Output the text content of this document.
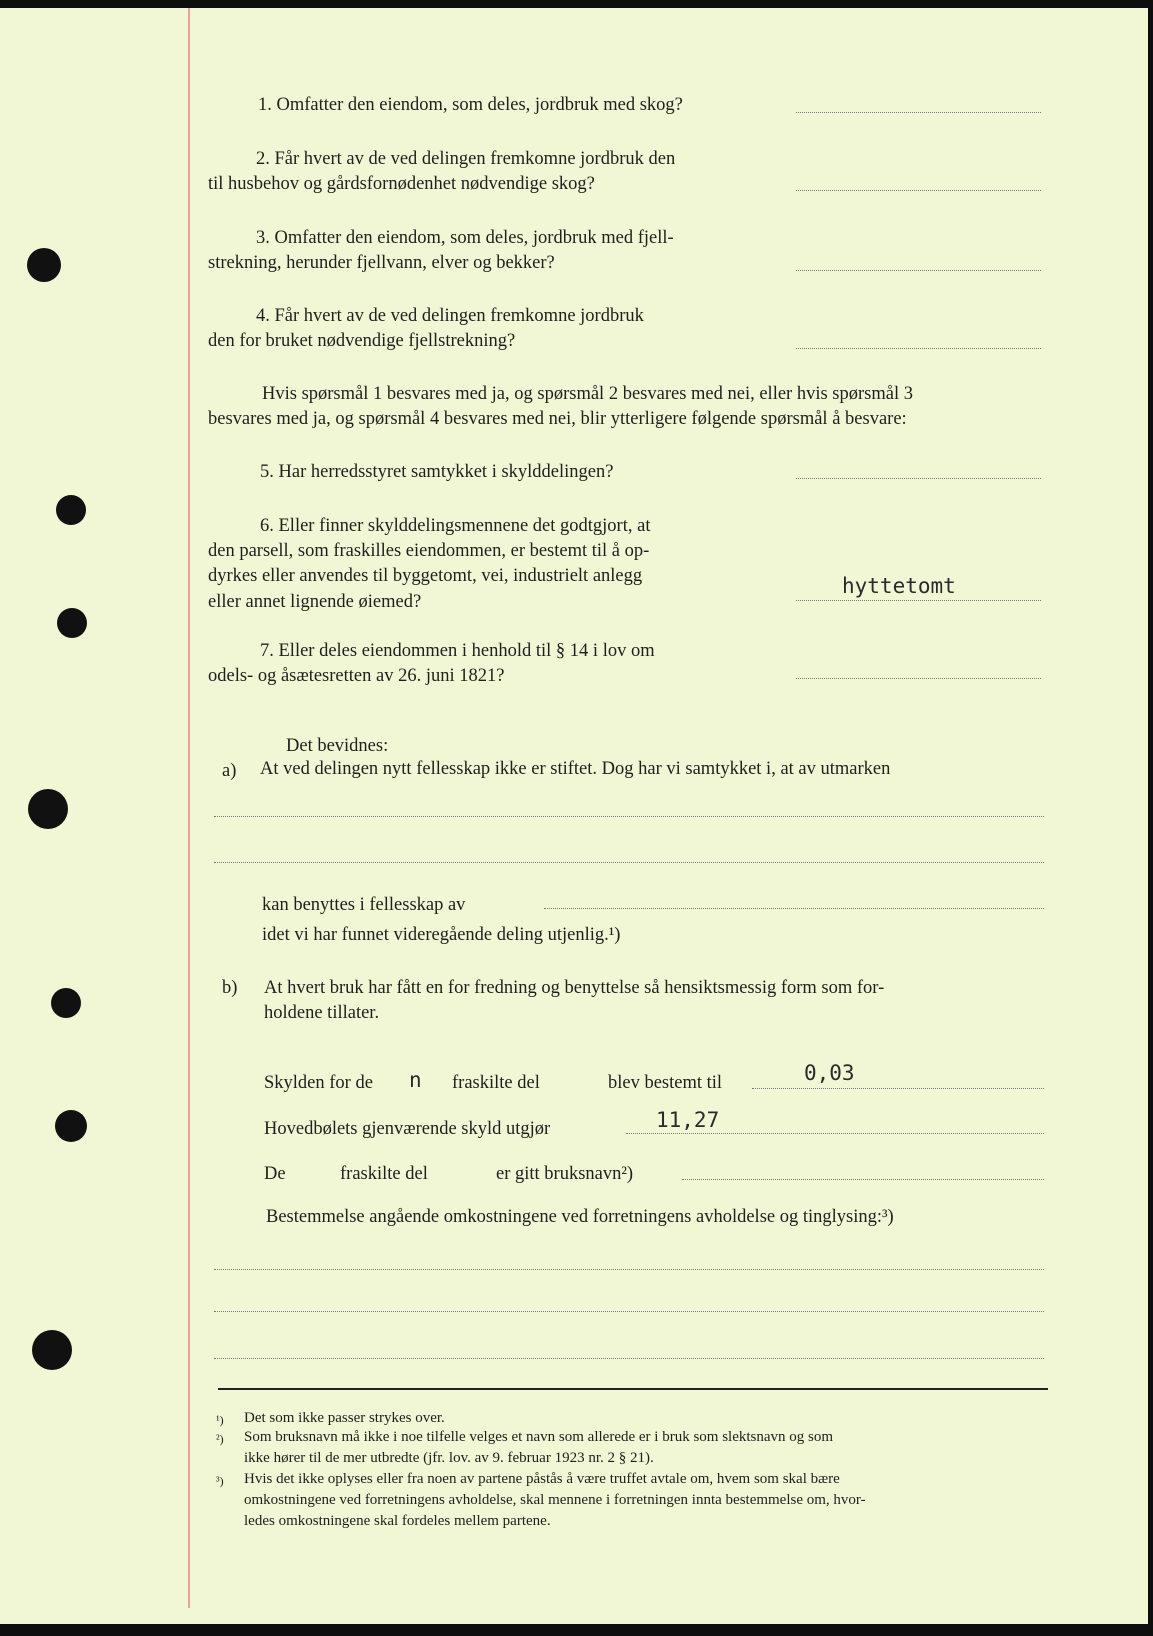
1. Omfatter den eiendom, som deles, jordbruk med skog?
2. Får hvert av de ved delingen fremkomne jordbruk den
til husbehov og gårdsfornødenhet nødvendige skog?
3. Omfatter den eiendom, som deles, jordbruk med fjell-
strekning, herunder fjellvann, elver og bekker?
4. Får hvert av de ved delingen fremkomne jordbruk
den for bruket nødvendige fjellstrekning?
Hvis spørsmål 1 besvares med ja, og spørsmål 2 besvares med nei, eller hvis spørsmål 3
besvares med ja, og spørsmål 4 besvares med nei, blir ytterligere følgende spørsmål å besvare:
5. Har herredsstyret samtykket i skylddelingen?
6. Eller finner skylddelingsmennene det godtgjort, at
den parsell, som fraskilles eiendommen, er bestemt til å op-
dyrkes eller anvendes til byggetomt, vei, industrielt anlegg
eller annet lignende øiemed?
hyttetomt
7. Eller deles eiendommen i henhold til § 14 i lov om
odels- og åsætesretten av 26. juni 1821?
Det bevidnes:
a) At ved delingen nytt fellesskap ikke er stiftet. Dog har vi samtykket i, at av utmarken
kan benyttes i fellesskap av
idet vi har funnet videregående deling utjenlig.¹)
b) At hvert bruk har fått en for fredning og benyttelse så hensiktsmessig form som for-
holdene tillater.
Skylden for de n fraskilte del	blev bestemt til	0,03
Hovedbølets gjenværende skyld utgjør	11,27
De	fraskilte del	er gitt bruksnavn²)
Bestemmelse angående omkostningene ved forretningens avholdelse og tinglysing:³)
¹) Det som ikke passer strykes over.
²) Som bruksnavn må ikke i noe tilfelle velges et navn som allerede er i bruk som slektsnavn og som
ikke hører til de mer utbredte (jfr. lov. av 9. februar 1923 nr. 2 § 21).
³) Hvis det ikke oplyses eller fra noen av partene påstås å være truffet avtale om, hvem som skal bære
omkostningene ved forretningens avholdelse, skal mennene i forretningen innta bestemmelse om, hvor-
ledes omkostningene skal fordeles mellem partene.
